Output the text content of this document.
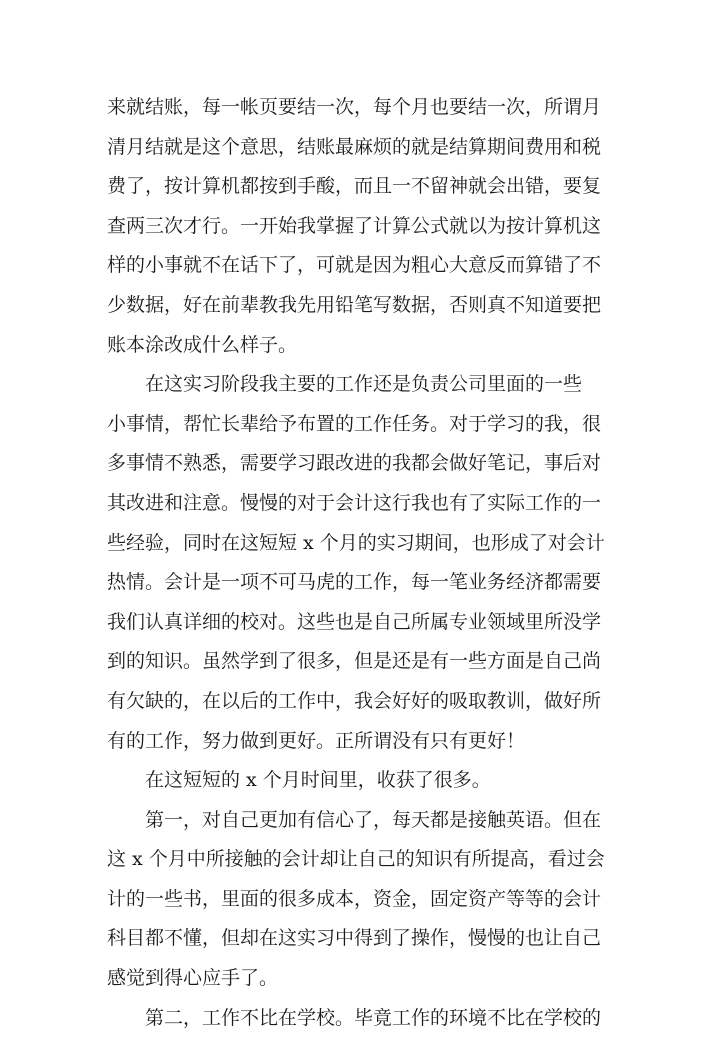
来就结账，每一帐页要结一次，每个月也要结一次，所谓月
清月结就是这个意思，结账最麻烦的就是结算期间费用和税
费了，按计算机都按到手酸，而且一不留神就会出错，要复
查两三次才行。一开始我掌握了计算公式就以为按计算机这
样的小事就不在话下了，可就是因为粗心大意反而算错了不
少数据，好在前辈教我先用铅笔写数据，否则真不知道要把
账本涂改成什么样子。

在这实习阶段我主要的工作还是负责公司里面的一些
小事情，帮忙长辈给予布置的工作任务。对于学习的我，很
多事情不熟悉，需要学习跟改进的我都会做好笔记，事后对
其改进和注意。慢慢的对于会计这行我也有了实际工作的一
些经验，同时在这短短 x 个月的实习期间，也形成了对会计
热情。会计是一项不可马虎的工作，每一笔业务经济都需要
我们认真详细的校对。这些也是自己所属专业领域里所没学
到的知识。虽然学到了很多，但是还是有一些方面是自己尚
有欠缺的，在以后的工作中，我会好好的吸取教训，做好所
有的工作，努力做到更好。正所谓没有只有更好！

在这短短的 x 个月时间里，收获了很多。

第一，对自己更加有信心了，每天都是接触英语。但在
这 x 个月中所接触的会计却让自己的知识有所提高，看过会
计的一些书，里面的很多成本，资金，固定资产等等的会计
科目都不懂，但却在这实习中得到了操作，慢慢的也让自己
感觉到得心应手了。

第二，工作不比在学校。毕竟工作的环境不比在学校的
